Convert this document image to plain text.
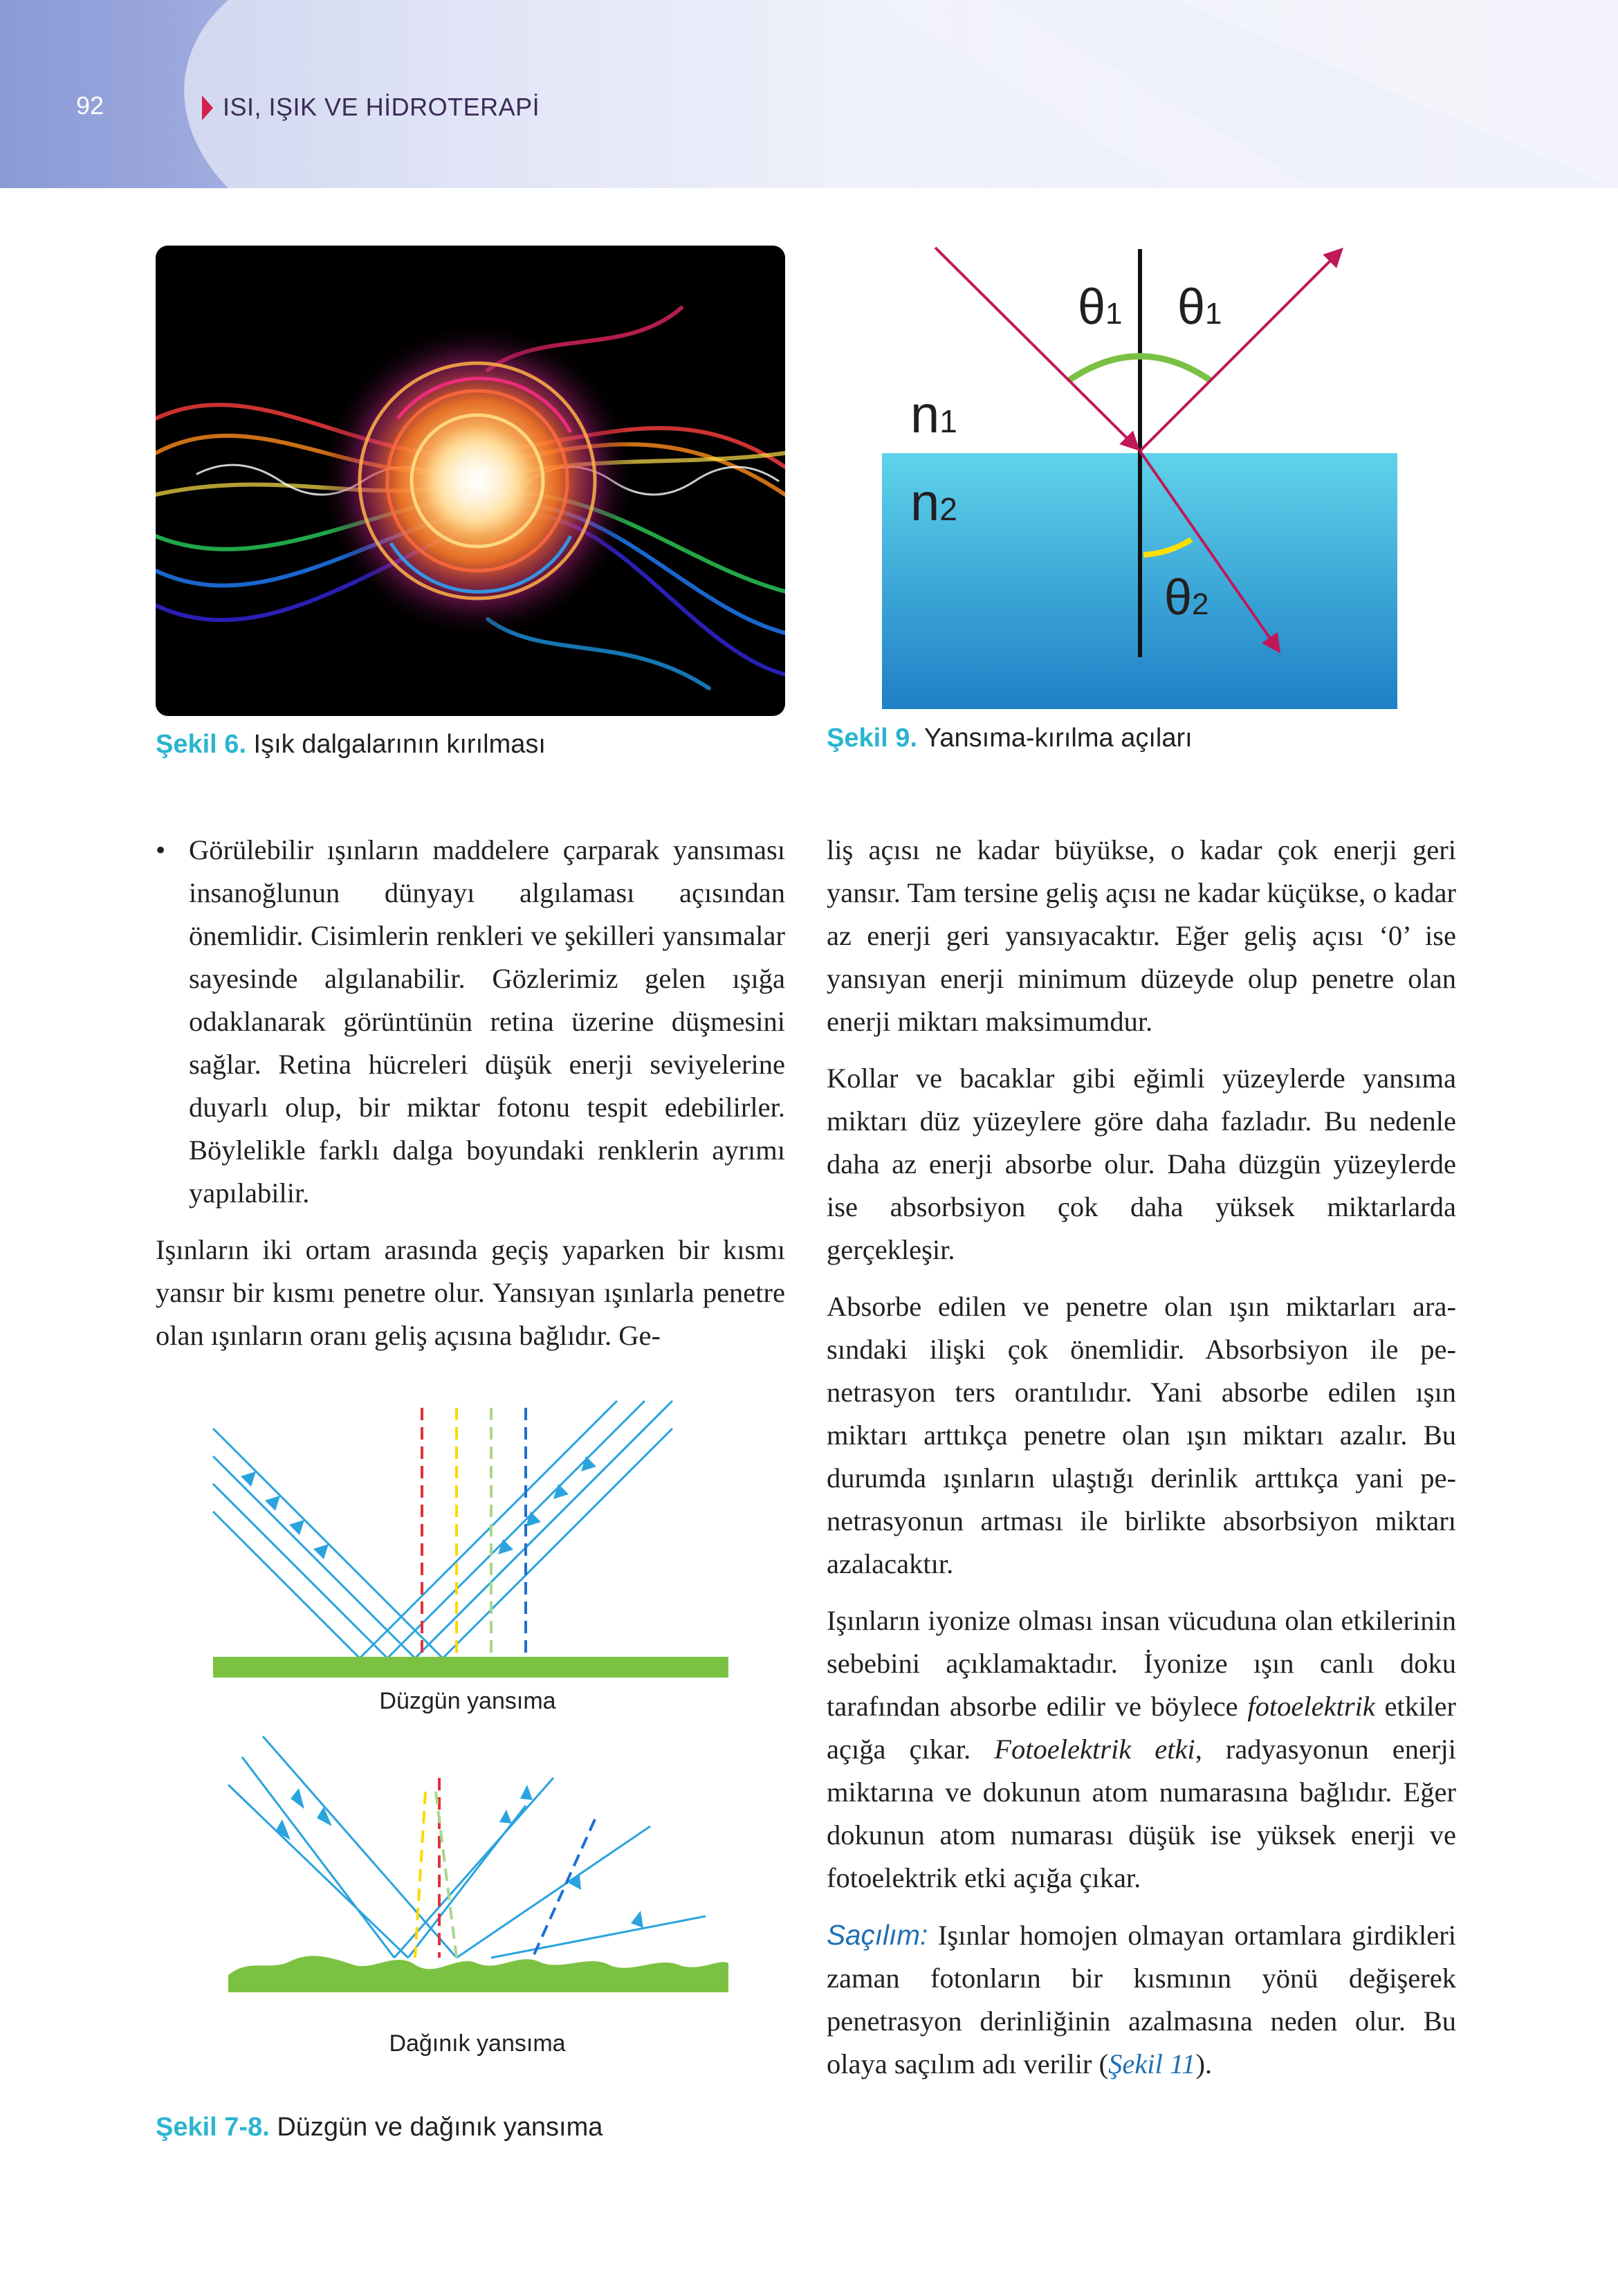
92	ISI, IŞIK VE HİDROTERAPİ
Şekil 6. Işık dalgalarının kırılması
θ1 θ1
n1
n2
θ2
Şekil 9. Yansıma-kırılma açıları
• Görülebilir ışınların maddelere çarparak yansıması insanoğlunun dünyayı algılaması açısından önemlidir. Cisimlerin renkleri ve şekilleri yansımalar sayesinde algılanabilir. Gözlerimiz gelen ışığa odaklanarak görüntünün retina üzerine düşmesini sağlar. Retina hücreleri düşük enerji seviyelerine duyarlı olup, bir miktar fotonu tespit edebilirler. Böylelikle farklı dalga boyundaki renklerin ayrımı yapılabilir.

Işınların iki ortam arasında geçiş yaparken bir kısmı yansır bir kısmı penetre olur. Yansıyan ışınlarla penetre olan ışınların oranı geliş açısına bağlıdır. Ge-

Düzgün yansıma
Dağınık yansıma
Şekil 7-8. Düzgün ve dağınık yansıma

liş açısı ne kadar büyükse, o kadar çok enerji geri yansır. Tam tersine geliş açısı ne kadar küçükse, o kadar az enerji geri yansıyacaktır. Eğer geliş açısı ‘0’ ise yansıyan enerji minimum düzeyde olup penetre olan enerji miktarı maksimumdur.

Kollar ve bacaklar gibi eğimli yüzeylerde yansıma miktarı düz yüzeylere göre daha fazladır. Bu nedenle daha az enerji absorbe olur. Daha düzgün yüzeylerde ise absorbsiyon çok daha yüksek miktarlarda gerçekleşir.

Absorbe edilen ve penetre olan ışın miktarları arasındaki ilişki çok önemlidir. Absorbsiyon ile penetrasyon ters orantılıdır. Yani absorbe edilen ışın miktarı arttıkça penetre olan ışın miktarı azalır. Bu durumda ışınların ulaştığı derinlik arttıkça yani penetrasyonun artması ile birlikte absorbsiyon miktarı azalacaktır.

Işınların iyonize olması insan vücuduna olan etkilerinin sebebini açıklamaktadır. İyonize ışın canlı doku tarafından absorbe edilir ve böylece fotoelektrik etkiler açığa çıkar. Fotoelektrik etki, radyasyonun enerji miktarına ve dokunun atom numarasına bağlıdır. Eğer dokunun atom numarası düşük ise yüksek enerji ve fotoelektrik etki açığa çıkar.

Saçılım: Işınlar homojen olmayan ortamlara girdikleri zaman fotonların bir kısmının yönü değişerek penetrasyon derinliğinin azalmasına neden olur. Bu olaya saçılım adı verilir (Şekil 11).
